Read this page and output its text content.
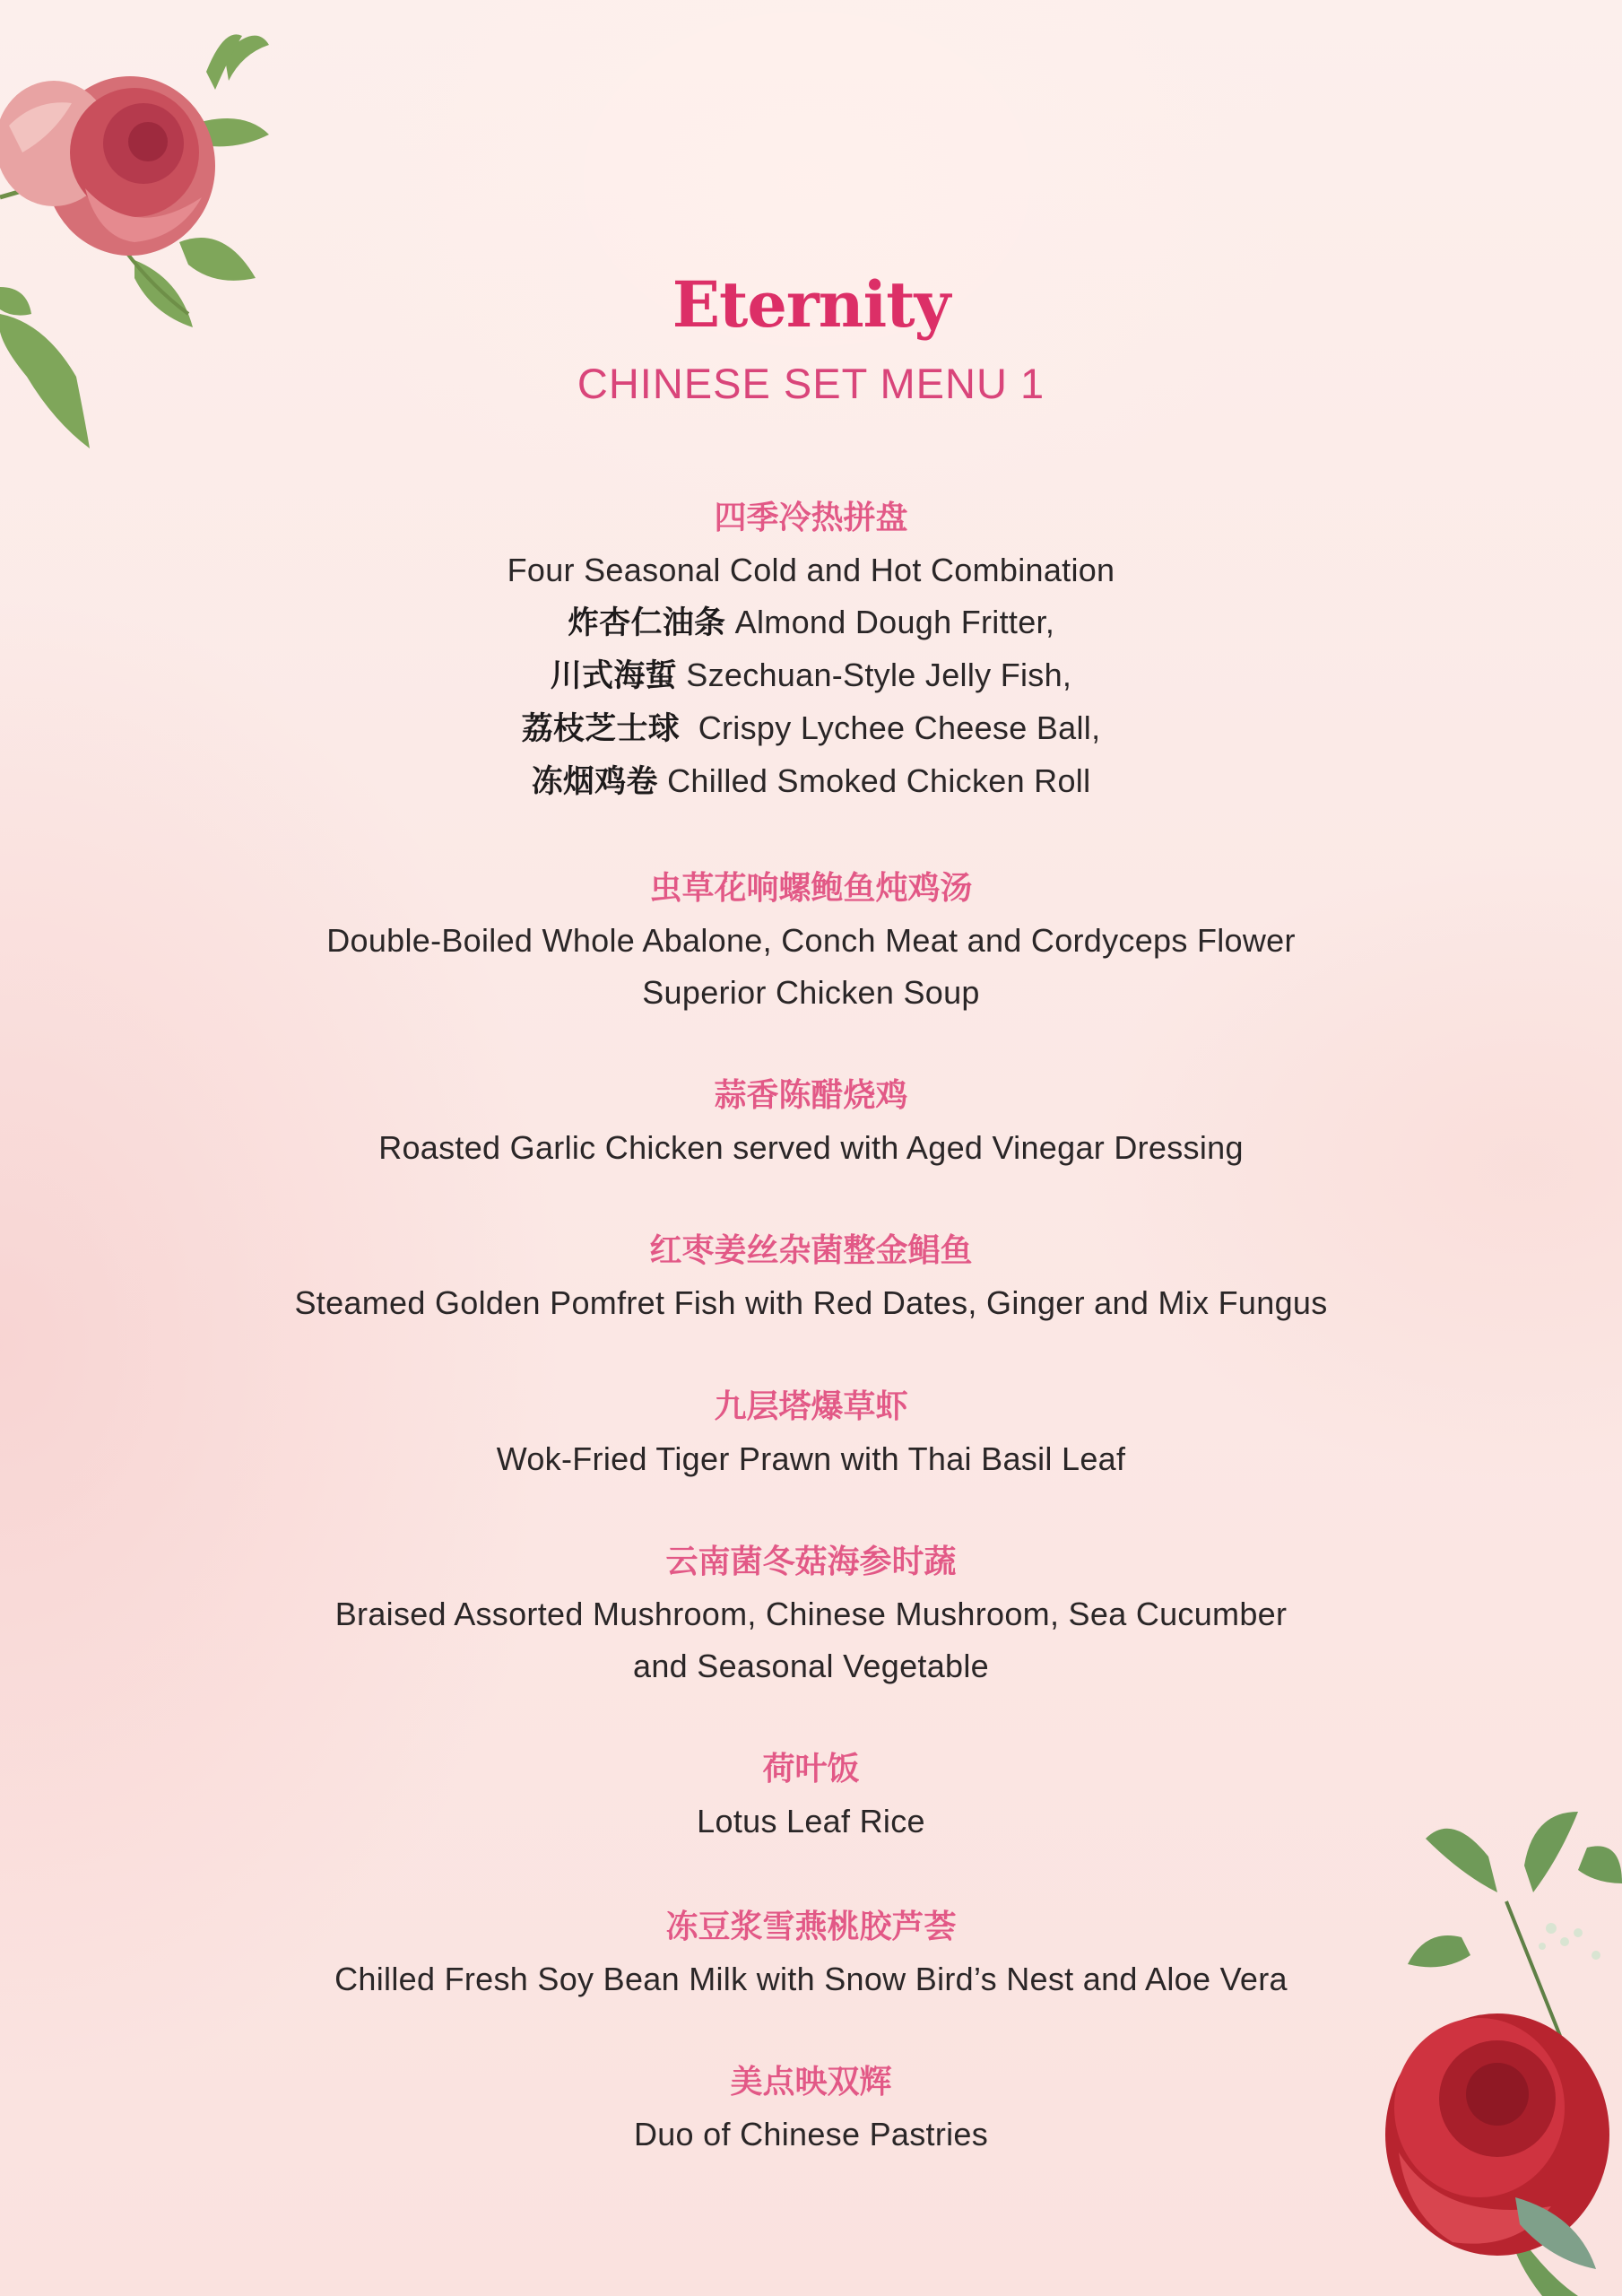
Eternity
CHINESE SET MENU 1
四季冷热拼盘
Four Seasonal Cold and Hot Combination
炸杏仁油条 Almond Dough Fritter,
川式海蜇 Szechuan-Style Jelly Fish,
荔枝芝士球  Crispy Lychee Cheese Ball,
冻烟鸡卷 Chilled Smoked Chicken Roll
虫草花响螺鲍鱼炖鸡汤
Double-Boiled Whole Abalone, Conch Meat and Cordyceps Flower
Superior Chicken Soup
蒜香陈醋烧鸡
Roasted Garlic Chicken served with Aged Vinegar Dressing
红枣姜丝杂菌整金鲳鱼
Steamed Golden Pomfret Fish with Red Dates, Ginger and Mix Fungus
九层塔爆草虾
Wok-Fried Tiger Prawn with Thai Basil Leaf
云南菌冬菇海参时蔬
Braised Assorted Mushroom, Chinese Mushroom, Sea Cucumber
and Seasonal Vegetable
荷叶饭
Lotus Leaf Rice
冻豆浆雪燕桃胶芦荟
Chilled Fresh Soy Bean Milk with Snow Bird’s Nest and Aloe Vera
美点映双辉
Duo of Chinese Pastries
